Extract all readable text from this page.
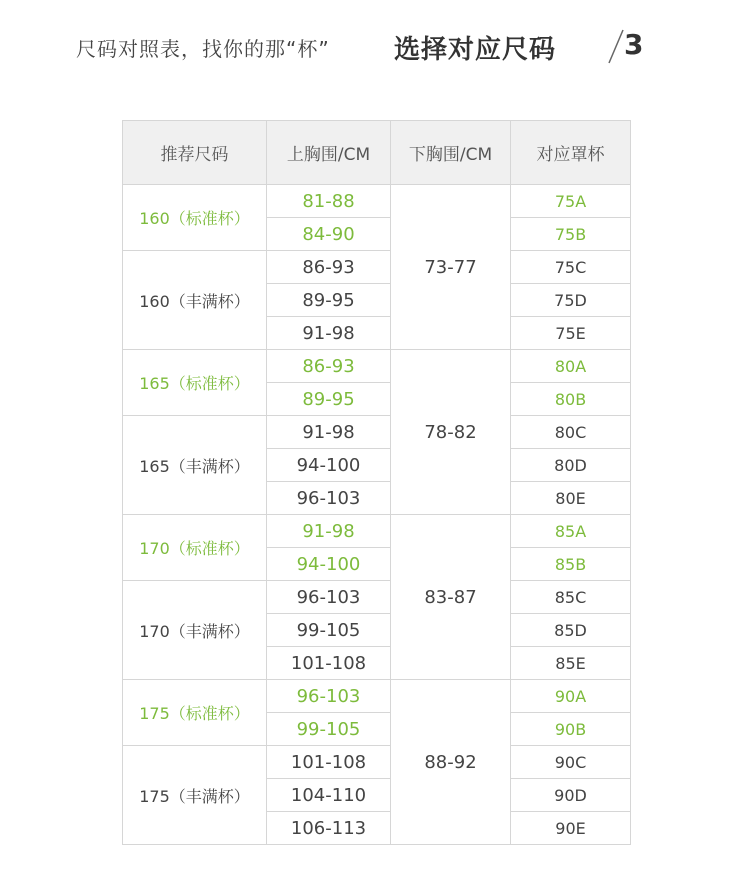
尺码对照表，找你的那“杯” 选择对应尺码 3
推荐尺码	上胸围/CM	下胸围/CM	对应罩杯
160（标准杯）	81-88	73-77	75A
	84-90		75B
160（丰满杯）	86-93		75C
	89-95		75D
	91-98		75E
165（标准杯）	86-93	78-82	80A
	89-95		80B
165（丰满杯）	91-98		80C
	94-100		80D
	96-103		80E
170（标准杯）	91-98	83-87	85A
	94-100		85B
170（丰满杯）	96-103		85C
	99-105		85D
	101-108		85E
175（标准杯）	96-103	88-92	90A
	99-105		90B
175（丰满杯）	101-108		90C
	104-110		90D
	106-113		90E
